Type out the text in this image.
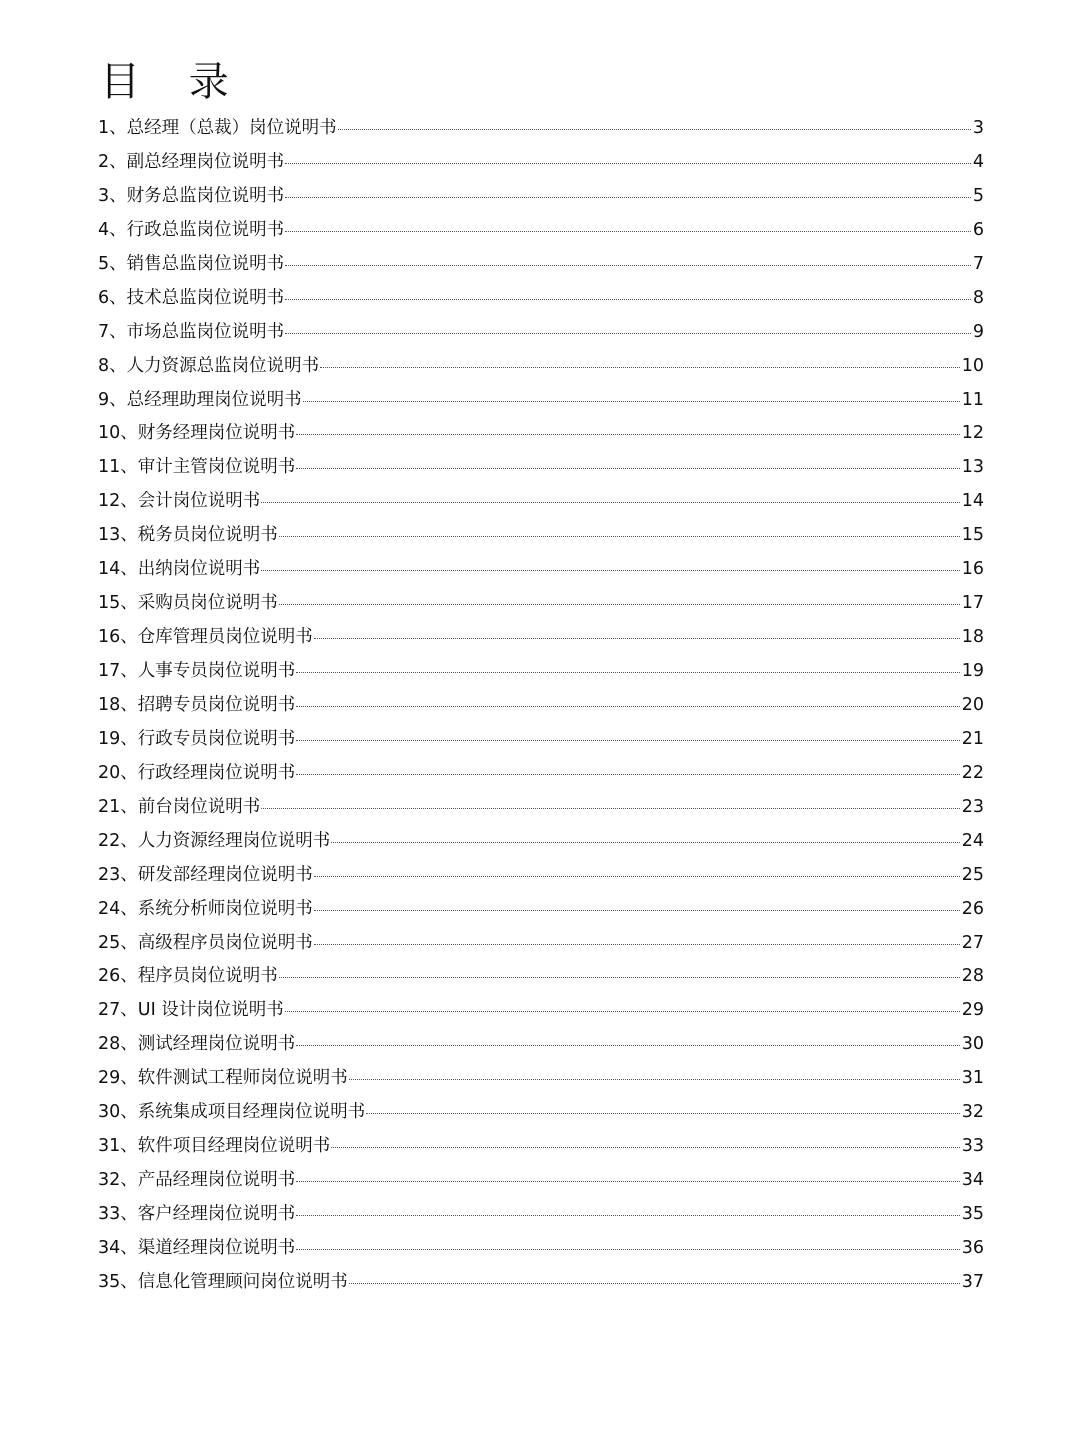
目 录
1、总经理（总裁）岗位说明书	3
2、副总经理岗位说明书	4
3、财务总监岗位说明书	5
4、行政总监岗位说明书	6
5、销售总监岗位说明书	7
6、技术总监岗位说明书	8
7、市场总监岗位说明书	9
8、人力资源总监岗位说明书	10
9、总经理助理岗位说明书	11
10、财务经理岗位说明书	12
11、审计主管岗位说明书	13
12、会计岗位说明书	14
13、税务员岗位说明书	15
14、出纳岗位说明书	16
15、采购员岗位说明书	17
16、仓库管理员岗位说明书	18
17、人事专员岗位说明书	19
18、招聘专员岗位说明书	20
19、行政专员岗位说明书	21
20、行政经理岗位说明书	22
21、前台岗位说明书	23
22、人力资源经理岗位说明书	24
23、研发部经理岗位说明书	25
24、系统分析师岗位说明书	26
25、高级程序员岗位说明书	27
26、程序员岗位说明书	28
27、UI 设计岗位说明书	29
28、测试经理岗位说明书	30
29、软件测试工程师岗位说明书	31
30、系统集成项目经理岗位说明书	32
31、软件项目经理岗位说明书	33
32、产品经理岗位说明书	34
33、客户经理岗位说明书	35
34、渠道经理岗位说明书	36
35、信息化管理顾问岗位说明书	37
